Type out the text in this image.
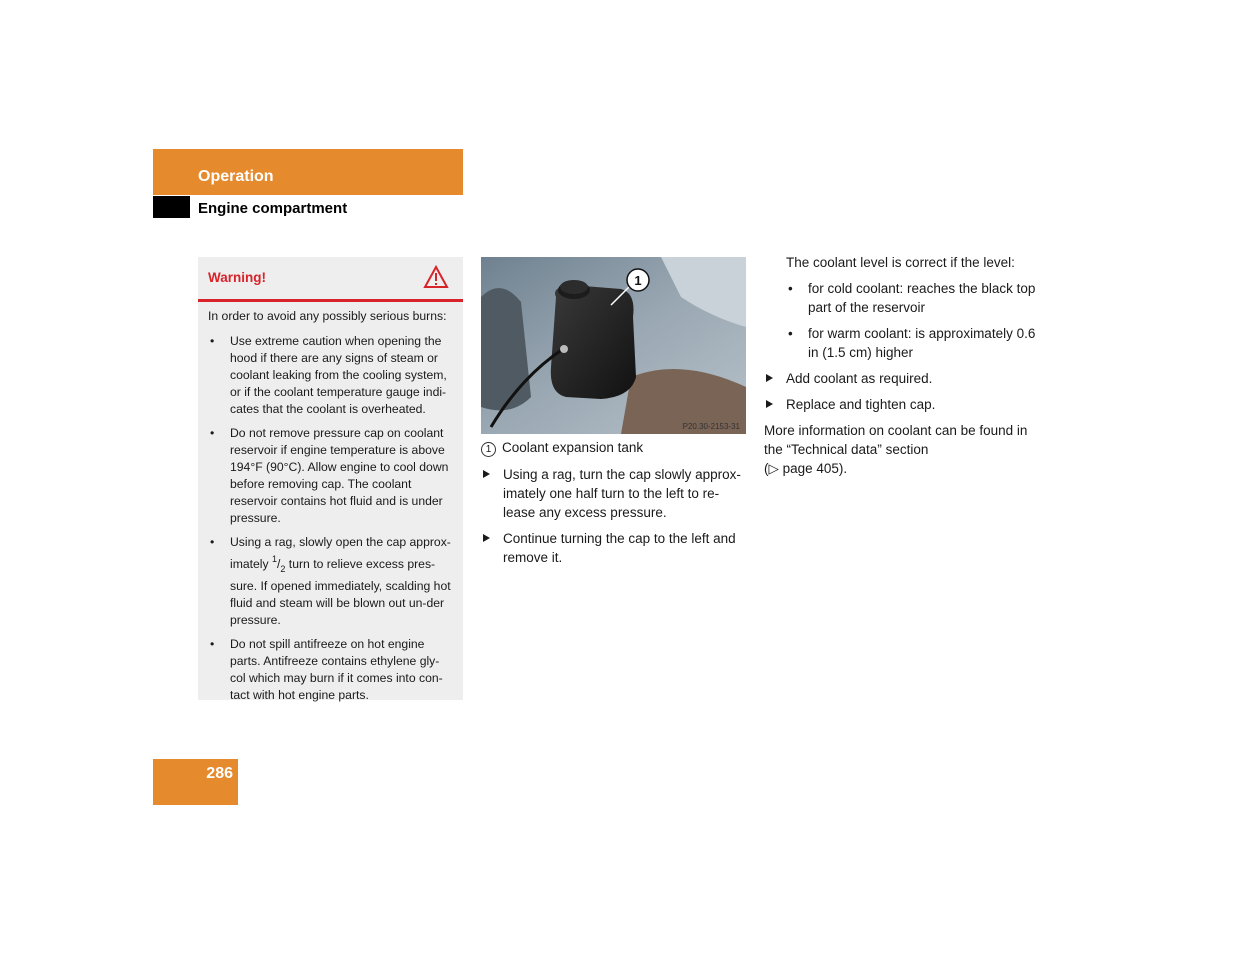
Operation
Engine compartment
Warning!

In order to avoid any possibly serious burns:

• Use extreme caution when opening the hood if there are any signs of steam or coolant leaking from the cooling system, or if the coolant temperature gauge indi-cates that the coolant is overheated.
• Do not remove pressure cap on coolant reservoir if engine temperature is above 194°F (90°C). Allow engine to cool down before removing cap. The coolant reservoir contains hot fluid and is under pressure.
• Using a rag, slowly open the cap approx-imately $^1/_2$ turn to relieve excess pres-sure. If opened immediately, scalding hot fluid and steam will be blown out un-der pressure.
• Do not spill antifreeze on hot engine parts. Antifreeze contains ethylene gly-col which may burn if it comes into con-tact with hot engine parts.
1
P20.30-2153-31

1 Coolant expansion tank

Using a rag, turn the cap slowly approx-imately one half turn to the left to re-lease any excess pressure.
Continue turning the cap to the left and remove it.

The coolant level is correct if the level:

• for cold coolant: reaches the black top part of the reservoir

• for warm coolant: is approximately 0.6 in (1.5 cm) higher

Add coolant as required.
Replace and tighten cap.

More information on coolant can be found in the “Technical data” section
(▷ page 405).

286
